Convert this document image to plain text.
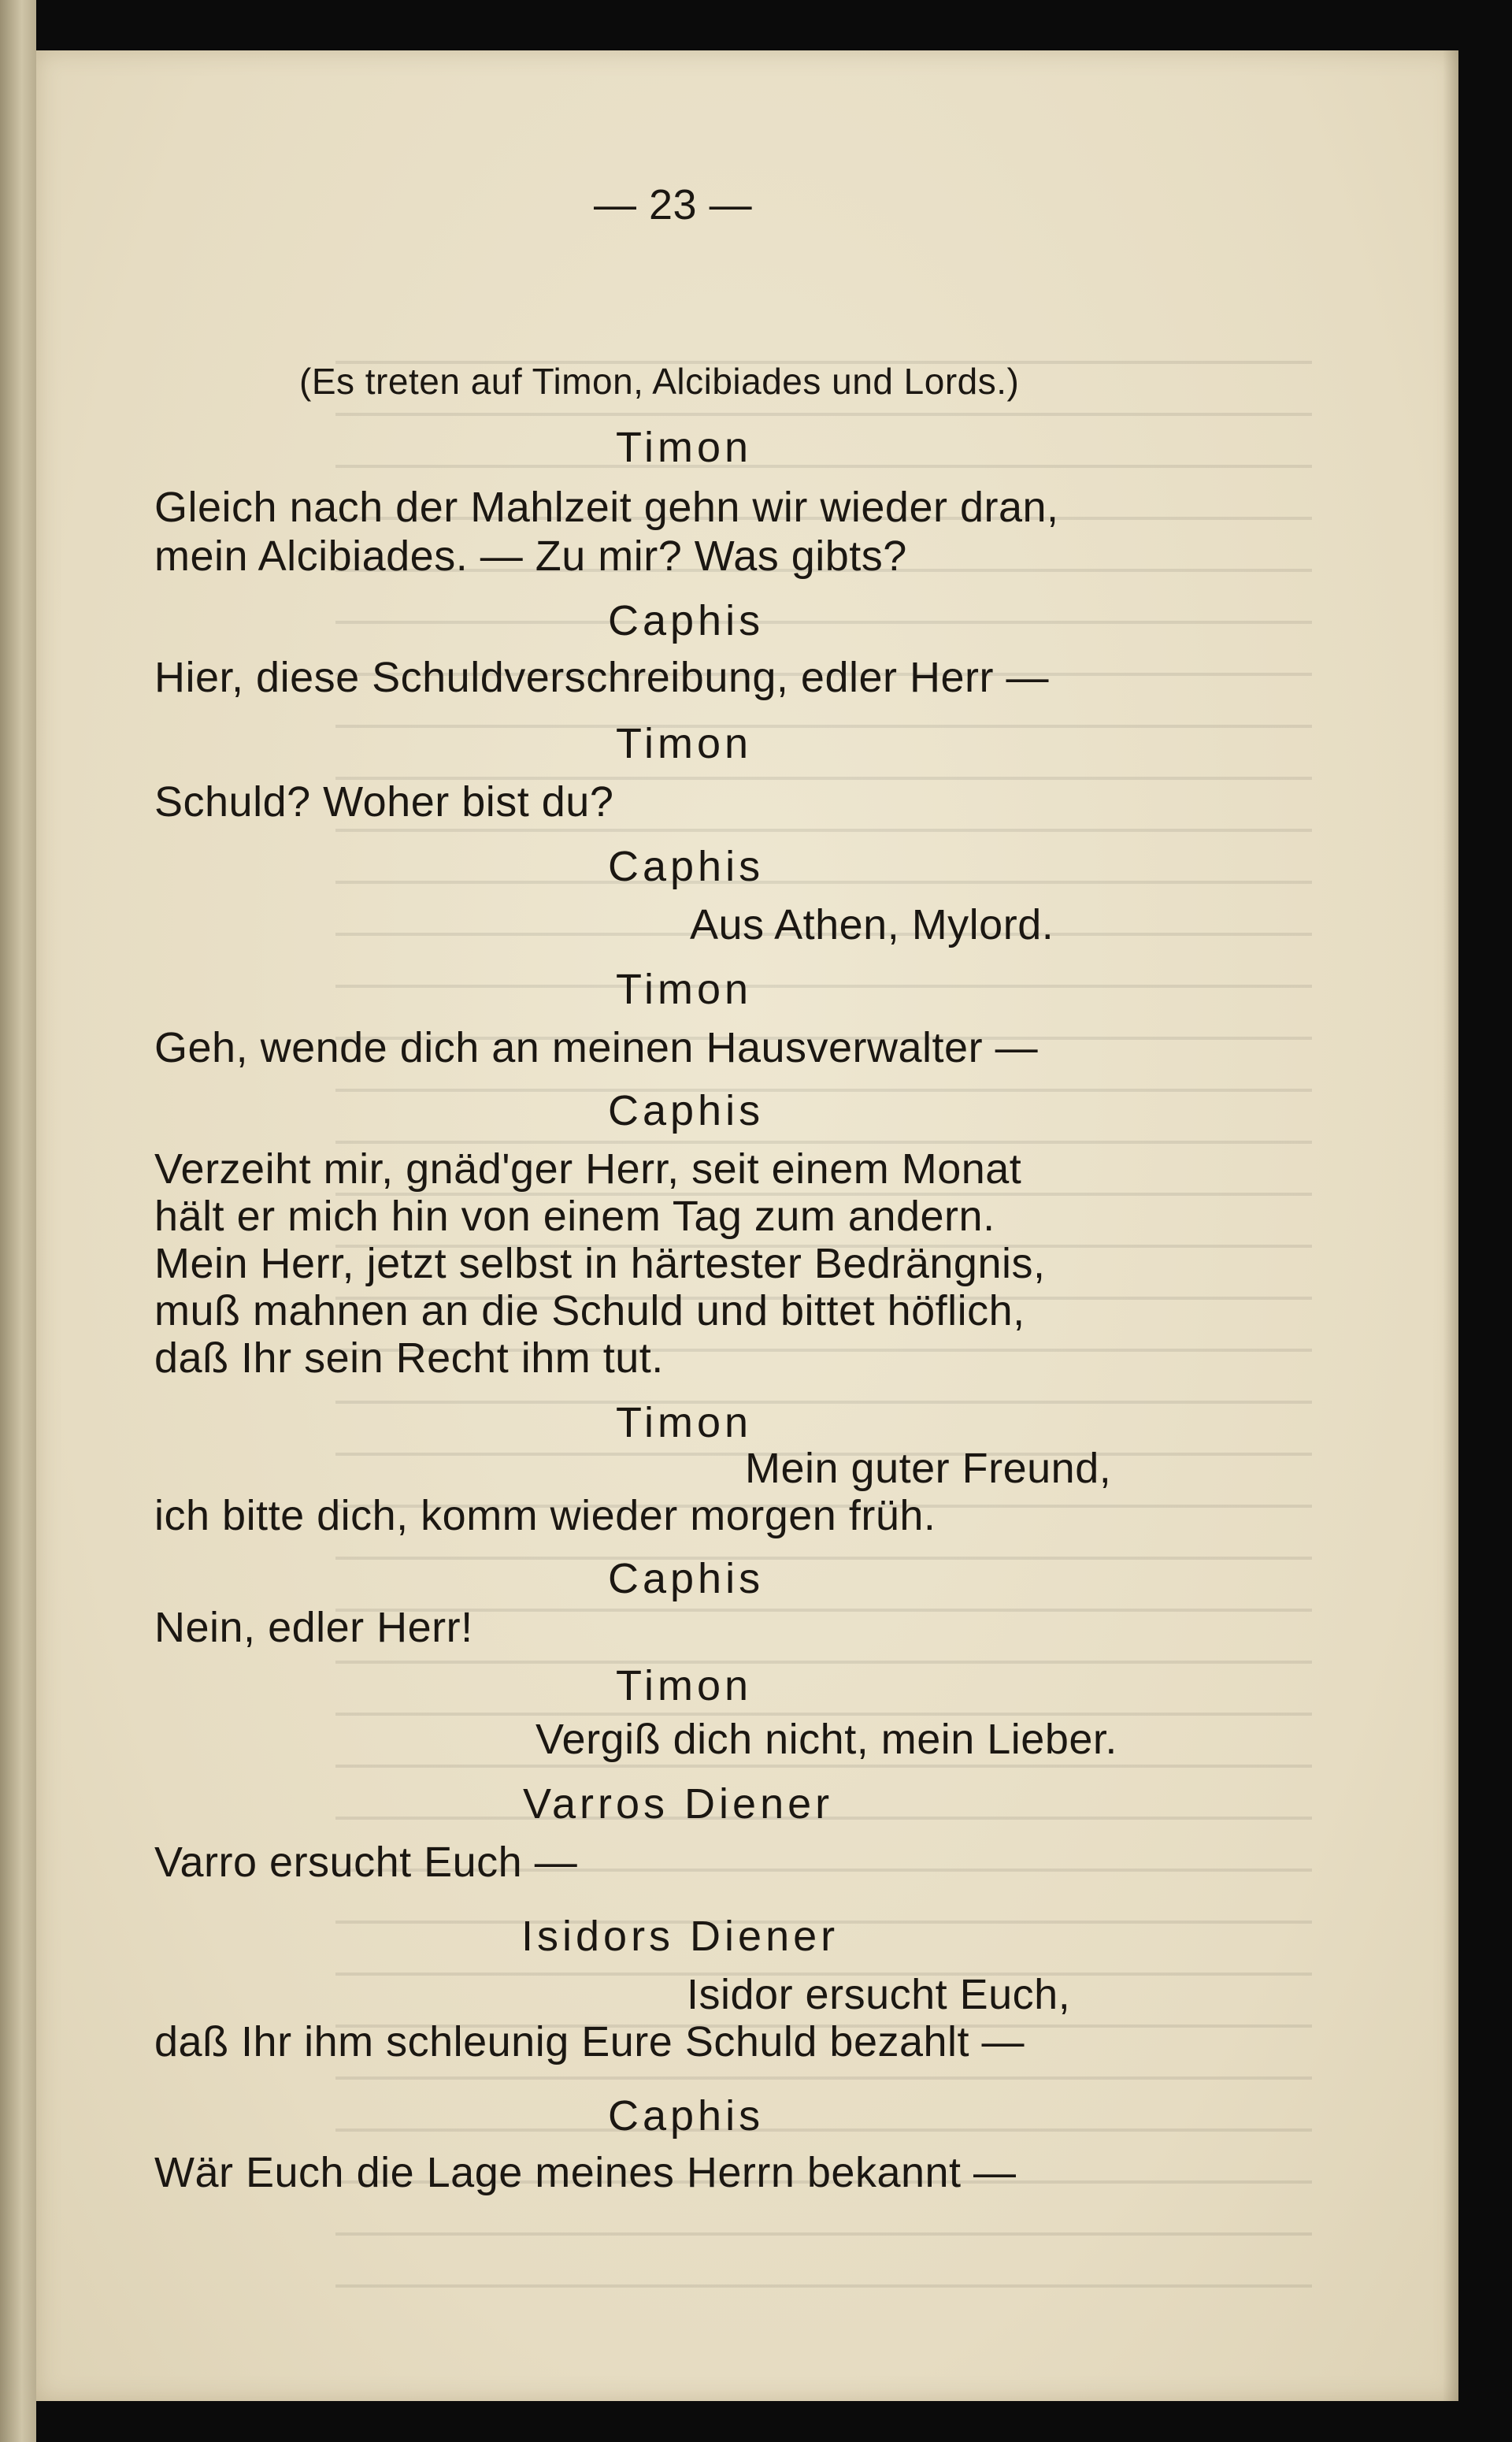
— 23 —
(Es treten auf Timon, Alcibiades und Lords.)
Timon
Gleich nach der Mahlzeit gehn wir wieder dran,
mein Alcibiades. — Zu mir? Was gibts?
Caphis
Hier, diese Schuldverschreibung, edler Herr —
Timon
Schuld? Woher bist du?
Caphis
Aus Athen, Mylord.
Timon
Geh, wende dich an meinen Hausverwalter —
Caphis
Verzeiht mir, gnäd'ger Herr, seit einem Monat
hält er mich hin von einem Tag zum andern.
Mein Herr, jetzt selbst in härtester Bedrängnis,
muß mahnen an die Schuld und bittet höflich,
daß Ihr sein Recht ihm tut.
Timon
Mein guter Freund,
ich bitte dich, komm wieder morgen früh.
Caphis
Nein, edler Herr!
Timon
Vergiß dich nicht, mein Lieber.
Varros Diener
Varro ersucht Euch —
Isidors Diener
Isidor ersucht Euch,
daß Ihr ihm schleunig Eure Schuld bezahlt —
Caphis
Wär Euch die Lage meines Herrn bekannt —
